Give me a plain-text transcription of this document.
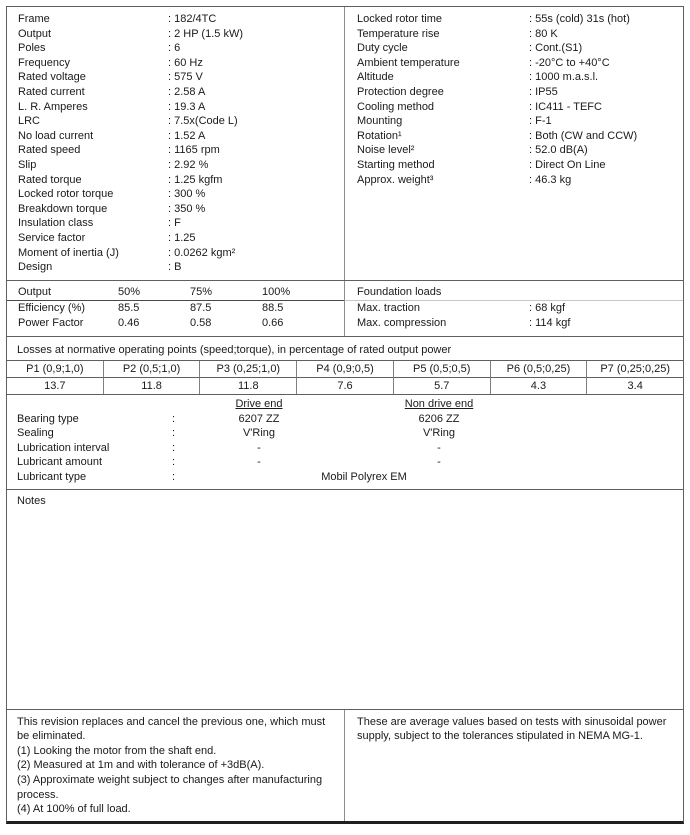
Frame	: 182/4TC
Output	: 2 HP (1.5 kW)
Poles	: 6
Frequency	: 60 Hz
Rated voltage	: 575 V
Rated current	: 2.58 A
L. R. Amperes	: 19.3 A
LRC	: 7.5x(Code L)
No load current	: 1.52 A
Rated speed	: 1165 rpm
Slip	: 2.92 %
Rated torque	: 1.25 kgfm
Locked rotor torque	: 300 %
Breakdown torque	: 350 %
Insulation class	: F
Service factor	: 1.25
Moment of inertia (J)	: 0.0262 kgm²
Design	: B
Locked rotor time	: 55s (cold) 31s (hot)
Temperature rise	: 80 K
Duty cycle	: Cont.(S1)
Ambient temperature	: -20°C to +40°C
Altitude	: 1000 m.a.s.l.
Protection degree	: IP55
Cooling method	: IC411 - TEFC
Mounting	: F-1
Rotation¹	: Both (CW and CCW)
Noise level²	: 52.0 dB(A)
Starting method	: Direct On Line
Approx. weight³	: 46.3 kg
Output	50%	75%	100%
Efficiency (%)	85.5	87.5	88.5
Power Factor	0.46	0.58	0.66
Foundation loads
Max. traction	: 68 kgf
Max. compression	: 114 kgf
Losses at normative operating points (speed;torque), in percentage of rated output power
P1 (0,9;1,0)	P2 (0,5;1,0)	P3 (0,25;1,0)	P4 (0,9;0,5)	P5 (0,5;0,5)	P6 (0,5;0,25)	P7 (0,25;0,25)
13.7	11.8	11.8	7.6	5.7	4.3	3.4
Drive end	Non drive end
Bearing type :	6207 ZZ	6206 ZZ
Sealing :	V'Ring	V'Ring
Lubrication interval :	-	-
Lubricant amount :	-	-
Lubricant type :	Mobil Polyrex EM
Notes

This revision replaces and cancel the previous one, which must be eliminated.

(1) Looking the motor from the shaft end.

(2) Measured at 1m and with tolerance of +3dB(A).

(3) Approximate weight subject to changes after manufacturing process.

(4) At 100% of full load.

These are average values based on tests with sinusoidal power supply, subject to the tolerances stipulated in NEMA MG-1.
